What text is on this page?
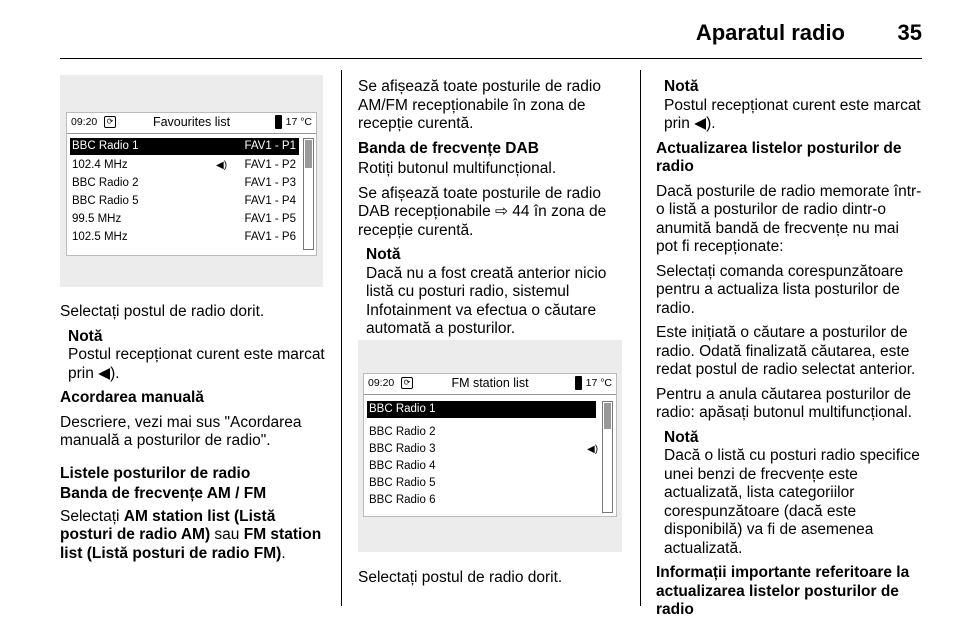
Aparatul radio 35
09:20	⟳	Favourites list	17 °C
BBC Radio 1	FAV1 - P1
102.4 MHz	◀) FAV1 - P2
BBC Radio 2	FAV1 - P3
BBC Radio 5	FAV1 - P4
99.5 MHz	FAV1 - P5
102.5 MHz	FAV1 - P6

Selectați postul de radio dorit.

Notă
Postul recepționat curent este marcat prin ◀).

Acordarea manuală

Descriere, vezi mai sus "Acordarea manuală a posturilor de radio".

Listele posturilor de radio

Banda de frecvențe AM / FM

Selectați AM station list (Listă posturi de radio AM) sau FM station list (Listă posturi de radio FM).

Se afișează toate posturile de radio AM/FM recepționabile în zona de recepție curentă.

Banda de frecvențe DAB

Rotiți butonul multifuncțional.

Se afișează toate posturile de radio DAB recepționabile ⇨ 44 în zona de recepție curentă.

Notă
Dacă nu a fost creată anterior nicio listă cu posturi radio, sistemul Infotainment va efectua o căutare automată a posturilor.
09:20	⟳	FM station list	17 °C
BBC Radio 1
BBC Radio 2
BBC Radio 3	◀)
BBC Radio 4
BBC Radio 5
BBC Radio 6

Selectați postul de radio dorit.

Notă
Postul recepționat curent este marcat prin ◀).

Actualizarea listelor posturilor de radio

Dacă posturile de radio memorate într-o listă a posturilor de radio dintr-o anumită bandă de frecvențe nu mai pot fi recepționate:

Selectați comanda corespunzătoare pentru a actualiza lista posturilor de radio.

Este inițiată o căutare a posturilor de radio. Odată finalizată căutarea, este redat postul de radio selectat anterior.

Pentru a anula căutarea posturilor de radio: apăsați butonul multifuncțional.

Notă
Dacă o listă cu posturi radio specifice unei benzi de frecvențe este actualizată, lista categoriilor corespunzătoare (dacă este disponibilă) va fi de asemenea actualizată.

Informații importante referitoare la actualizarea listelor posturilor de radio
